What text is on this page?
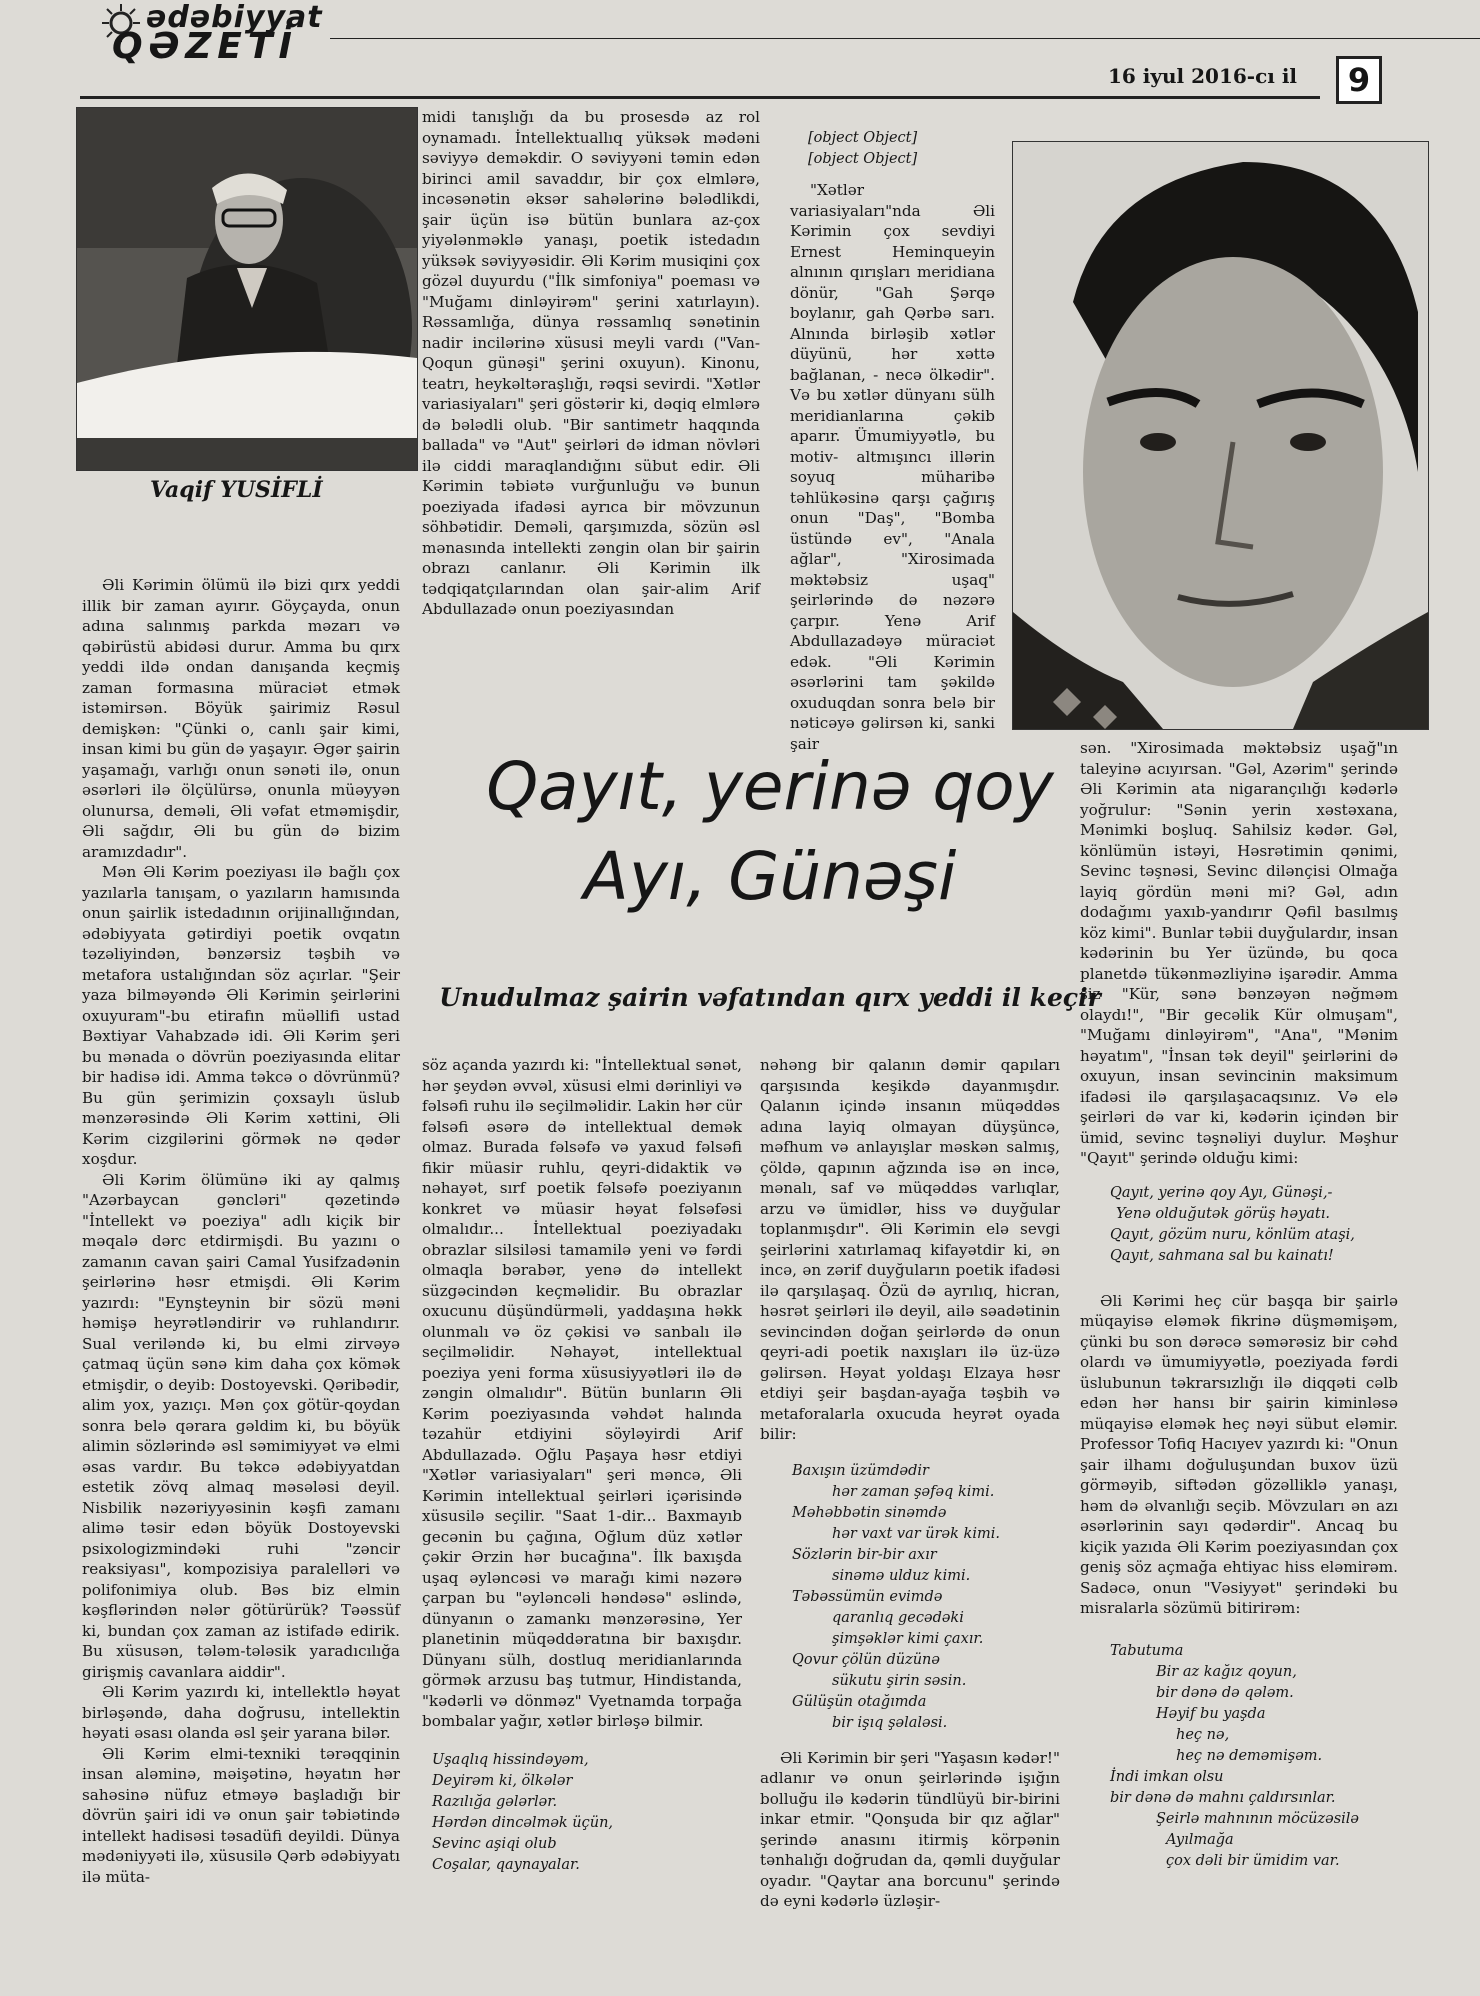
ədəbiyyat
QƏZETİ
16 iyul 2016-cı il	9
Vaqif YUSİFLİ

Əli Kərimin ölümü ilə bizi qırx yeddi illik bir zaman ayırır. Göyçayda, onun adına salınmış parkda məzarı və qəbirüstü abidəsi durur. Amma bu qırx yeddi ildə ondan danışanda keçmiş zaman formasına müraciət etmək istəmirsən. Böyük şairimiz Rəsul demişkən: "Çünki o, canlı şair kimi, insan kimi bu gün də yaşayır. Əgər şairin yaşamağı, varlığı onun sənəti ilə, onun əsərləri ilə ölçülürsə, onunla müəyyən olunursa, deməli, Əli vəfat etməmişdir, Əli sağdır, Əli bu gün də bizim aramızdadır".

Mən Əli Kərim poeziyası ilə bağlı çox yazılarla tanışam, o yazıların hamısında onun şairlik istedadının orijinallığından, ədəbiyyata gətirdiyi poetik ovqatın təzəliyindən, bənzərsiz təşbih və metafora ustalığından söz açırlar. "Şeir yaza bilməyəndə Əli Kərimin şeirlərini oxuyuram"-bu etirafın müəllifi ustad Bəxtiyar Vahabzadə idi. Əli Kərim şeri bu mənada o dövrün poeziyasında elitar bir hadisə idi. Amma təkcə o dövrünmü? Bu gün şerimizin çoxsaylı üslub mənzərəsində Əli Kərim xəttini, Əli Kərim cizgilərini görmək nə qədər xoşdur.

Əli Kərim ölümünə iki ay qalmış "Azərbaycan gəncləri" qəzetində "İntellekt və poeziya" adlı kiçik bir məqalə dərc etdirmişdi. Bu yazını o zamanın cavan şairi Camal Yusifzadənin şeirlərinə həsr etmişdi. Əli Kərim yazırdı: "Eynşteynin bir sözü məni həmişə heyrətləndirir və ruhlandırır. Sual veriləndə ki, bu elmi zirvəyə çatmaq üçün sənə kim daha çox kömək etmişdir, o deyib: Dostoyevski. Qəribədir, alim yox, yazıçı. Mən çox götür-qoydan sonra belə qərara gəldim ki, bu böyük alimin sözlərində əsl səmimiyyət və elmi əsas vardır. Bu təkcə ədəbiyyatdan estetik zövq almaq məsələsi deyil. Nisbilik nəzəriyyəsinin kəşfi zamanı alimə təsir edən böyük Dostoyevski psixologizmindəki ruhi "zəncir reaksiyası", kompozisiya paralelləri və polifonimiya olub. Bəs biz elmin kəşflərindən nələr götürürük? Təəssüf ki, bundan çox zaman az istifadə edirik. Bu xüsusən, tələm-tələsik yaradıcılığa girişmiş cavanlara aiddir".

Əli Kərim yazırdı ki, intellektlə həyat birləşəndə, daha doğrusu, intellektin həyati əsası olanda əsl şeir yarana bilər.

Əli Kərim elmi-texniki tərəqqinin insan aləminə, məişətinə, həyatın hər sahəsinə nüfuz etməyə başladığı bir dövrün şairi idi və onun şair təbiətində intellekt hadisəsi təsadüfi deyildi. Dünya mədəniyyəti ilə, xüsusilə Qərb ədəbiyyatı ilə müta-

midi tanışlığı da bu prosesdə az rol oynamadı. İntellektuallıq yüksək mədəni səviyyə deməkdir. O səviyyəni təmin edən birinci amil savaddır, bir çox elmlərə, incəsənətin əksər sahələrinə bələdlikdi, şair üçün isə bütün bunlara az-çox yiyələnməklə yanaşı, poetik istedadın yüksək səviyyəsidir. Əli Kərim musiqini çox gözəl duyurdu ("İlk simfoniya" poeması və "Muğamı dinləyirəm" şerini xatırlayın). Rəssamlığa, dünya rəssamlıq sənətinin nadir incilərinə xüsusi meyli vardı ("Van-Qoqun günəşi" şerini oxuyun). Kinonu, teatrı, heykəltəraşlığı, rəqsi sevirdi. "Xətlər variasiyaları" şeri göstərir ki, dəqiq elmlərə də bələdli olub. "Bir santimetr haqqında ballada" və "Aut" şeirləri də idman növləri ilə ciddi maraqlandığını sübut edir. Əli Kərimin təbiətə vurğunluğu və bunun poeziyada ifadəsi ayrıca bir mövzunun söhbətidir. Deməli, qarşımızda, sözün əsl mənasında intellekti zəngin olan bir şairin obrazı canlanır. Əli Kərimin ilk tədqiqatçılarından olan şair-alim Arif Abdullazadə onun poeziyasından

[object Object]
[object Object]

"Xətlər variasiyaları"nda Əli Kərimin çox sevdiyi Ernest Heminqueyin alnının qırışları meridiana dönür, "Gah Şərqə boylanır, gah Qərbə sarı. Alnında birləşib xətlər düyünü, hər xəttə bağlanan, - necə ölkədir". Və bu xətlər dünyanı sülh meridianlarına çəkib aparır. Ümumiyyətlə, bu motiv- altmışıncı illərin soyuq müharibə təhlükəsinə qarşı çağırış onun "Daş", "Bomba üstündə ev", "Anala ağlar", "Xirosimada məktəbsiz uşaq" şeirlərində də nəzərə çarpır. Yenə Arif Abdullazadəyə müraciət edək. "Əli Kərimin əsərlərini tam şəkildə oxuduqdan sonra belə bir nəticəyə gəlirsən ki, sanki şair

Qayıt, yerinə qoy
Ayı, Günəşi
Unudulmaz şairin vəfatından qırx yeddi il keçir

söz açanda yazırdı ki: "İntellektual sənət, hər şeydən əvvəl, xüsusi elmi dərinliyi və fəlsəfi ruhu ilə seçilməlidir. Lakin hər cür fəlsəfi əsərə də intellektual demək olmaz. Burada fəlsəfə və yaxud fəlsəfi fikir müasir ruhlu, qeyri-didaktik və nəhayət, sırf poetik fəlsəfə poeziyanın konkret və müasir həyat fəlsəfəsi olmalıdır... İntellektual poeziyadakı obrazlar silsiləsi tamamilə yeni və fərdi olmaqla bərabər, yenə də intellekt süzgəcindən keçməlidir. Bu obrazlar oxucunu düşündürməli, yaddaşına həkk olunmalı və öz çəkisi və sanbalı ilə seçilməlidir. Nəhayət, intellektual poeziya yeni forma xüsusiyyətləri ilə də zəngin olmalıdır". Bütün bunların Əli Kərim poeziyasında vəhdət halında təzahür etdiyini söyləyirdi Arif Abdullazadə. Oğlu Paşaya həsr etdiyi "Xətlər variasiyaları" şeri məncə, Əli Kərimin intellektual şeirləri içərisində xüsusilə seçilir. "Saat 1-dir... Baxmayıb gecənin bu çağına, Oğlum düz xətlər çəkir Ərzin hər bucağına". İlk baxışda uşaq əyləncəsi və marağı kimi nəzərə çarpan bu "əyləncəli həndəsə" əslində, dünyanın o zamankı mənzərəsinə, Yer planetinin müqəddəratına bir baxışdır. Dünyanı sülh, dostluq meridianlarında görmək arzusu baş tutmur, Hindistanda, "kədərli və dönməz" Vyetnamda torpağa bombalar yağır, xətlər birləşə bilmir.

Uşaqlıq hissindəyəm,
Deyirəm ki, ölkələr
Razılığa gələrlər.
Hərdən dincəlmək üçün,
Sevinc aşiqi olub
Coşalar, qaynayalar.

nəhəng bir qalanın dəmir qapıları qarşısında keşikdə dayanmışdır. Qalanın içində insanın müqəddəs adına layiq olmayan düyşüncə, məfhum və anlayışlar məskən salmış, çöldə, qapının ağzında isə ən incə, mənalı, saf və müqəddəs varlıqlar, arzu və ümidlər, hiss və duyğular toplanmışdır". Əli Kərimin elə sevgi şeirlərini xatırlamaq kifayətdir ki, ən incə, ən zərif duyğuların poetik ifadəsi ilə qarşılaşaq. Özü də ayrılıq, hicran, həsrət şeirləri ilə deyil, ailə səadətinin sevincindən doğan şeirlərdə də onun qeyri-adi poetik naxışları ilə üz-üzə gəlirsən. Həyat yoldaşı Elzaya həsr etdiyi şeir başdan-ayağa təşbih və metaforalarla oxucuda heyrət oyada bilir:

Baxışın üzümdədir
hər zaman şəfəq kimi.
Məhəbbətin sinəmdə
hər vaxt var ürək kimi.
Sözlərin bir-bir axır
sinəmə ulduz kimi.
Təbəssümün evimdə
qaranlıq gecədəki
şimşəklər kimi çaxır.
Qovur çölün düzünə
sükutu şirin səsin.
Gülüşün otağımda
bir işıq şəlaləsi.

Əli Kərimin bir şeri "Yaşasın kədər!" adlanır və onun şeirlərində işığın bolluğu ilə kədərin tündlüyü bir-birini inkar etmir. "Qonşuda bir qız ağlar" şerində anasını itirmiş körpənin tənhalığı doğrudan da, qəmli duyğular oyadır. "Qaytar ana borcunu" şerində də eyni kədərlə üzləşir-

sən. "Xirosimada məktəbsiz uşağ"ın taleyinə acıyırsan. "Gəl, Azərim" şerində Əli Kərimin ata nigarançılığı kədərlə yoğrulur: "Sənin yerin xəstəxana, Mənimki boşluq. Sahilsiz kədər. Gəl, könlümün istəyi, Həsrətimin qənimi, Sevinc təşnəsi, Sevinc dilənçisi Olmağa layiq gördün məni mi? Gəl, adın dodağımı yaxıb-yandırır Qəfil basılmış köz kimi". Bunlar təbii duyğulardır, insan kədərinin bu Yer üzündə, bu qoca planetdə tükənməzliyinə işarədir. Amma siz "Kür, sənə bənzəyən nəğməm olaydı!", "Bir gecəlik Kür olmuşam", "Muğamı dinləyirəm", "Ana", "Mənim həyatım", "İnsan tək deyil" şeirlərini də oxuyun, insan sevincinin maksimum ifadəsi ilə qarşılaşacaqsınız. Və elə şeirləri də var ki, kədərin içindən bir ümid, sevinc təşnəliyi duylur. Məşhur "Qayıt" şerində olduğu kimi:

Qayıt, yerinə qoy Ayı, Günəşi,-
Yenə olduğutək görüş həyatı.
Qayıt, gözüm nuru, könlüm ataşi,
Qayıt, sahmana sal bu kainatı!

Əli Kərimi heç cür başqa bir şairlə müqayisə eləmək fikrinə düşməmişəm, çünki bu son dərəcə səmərəsiz bir cəhd olardı və ümumiyyətlə, poeziyada fərdi üslubunun təkrarsızlığı ilə diqqəti cəlb edən hər hansı bir şairin kiminləsə müqayisə eləmək heç nəyi sübut eləmir. Professor Tofiq Hacıyev yazırdı ki: "Onun şair ilhamı doğuluşundan buxov üzü görməyib, siftədən gözəlliklə yanaşı, həm də əlvanlığı seçib. Mövzuları ən azı əsərlərinin sayı qədərdir". Ancaq bu kiçik yazıda Əli Kərim poeziyasından çox geniş söz açmağa ehtiyac hiss eləmirəm. Sadəcə, onun "Vəsiyyət" şerindəki bu misralarla sözümü bitirirəm:

Tabutuma
Bir az kağız qoyun,
bir dənə də qələm.
Həyif bu yaşda
heç nə,
heç nə deməmişəm.
İndi imkan olsu
bir dənə də mahnı çaldırsınlar.
Şeirlə mahnının möcüzəsilə
Ayılmağa
çox dəli bir ümidim var.
